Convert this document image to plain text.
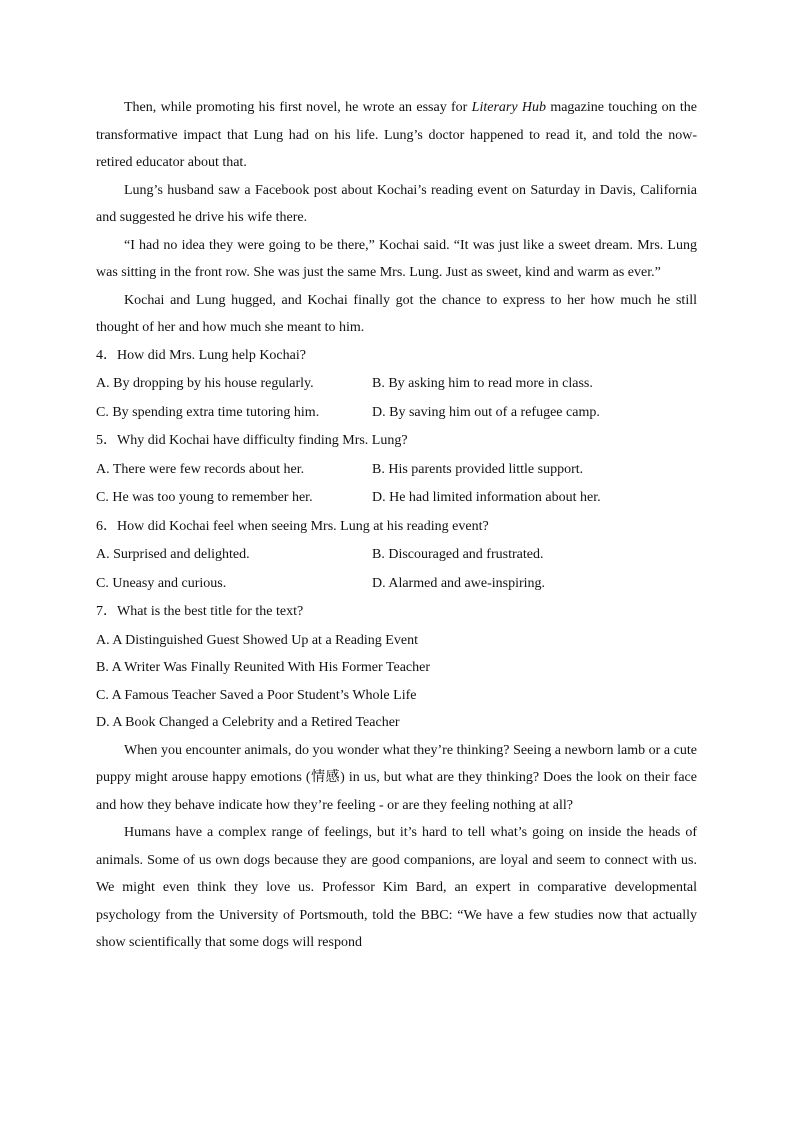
Then, while promoting his first novel, he wrote an essay for Literary Hub magazine touching on the transformative impact that Lung had on his life. Lung’s doctor happened to read it, and told the now-retired educator about that.

Lung’s husband saw a Facebook post about Kochai’s reading event on Saturday in Davis, California and suggested he drive his wife there.

“I had no idea they were going to be there,” Kochai said. “It was just like a sweet dream. Mrs. Lung was sitting in the front row. She was just the same Mrs. Lung. Just as sweet, kind and warm as ever.”

Kochai and Lung hugged, and Kochai finally got the chance to express to her how much he still thought of her and how much she meant to him.

4．How did Mrs. Lung help Kochai?

A. By dropping by his house regularly.	B. By asking him to read more in class.
C. By spending extra time tutoring him.	D. By saving him out of a refugee camp.

5．Why did Kochai have difficulty finding Mrs. Lung?

A. There were few records about her.	B. His parents provided little support.
C. He was too young to remember her.	D. He had limited information about her.

6．How did Kochai feel when seeing Mrs. Lung at his reading event?

A. Surprised and delighted.	B. Discouraged and frustrated.
C. Uneasy and curious.	D. Alarmed and awe-inspiring.

7．What is the best title for the text?

A. A Distinguished Guest Showed Up at a Reading Event

B. A Writer Was Finally Reunited With His Former Teacher

C. A Famous Teacher Saved a Poor Student’s Whole Life

D. A Book Changed a Celebrity and a Retired Teacher

When you encounter animals, do you wonder what they’re thinking? Seeing a newborn lamb or a cute puppy might arouse happy emotions (情感) in us, but what are they thinking? Does the look on their face and how they behave indicate how they’re feeling - or are they feeling nothing at all?

Humans have a complex range of feelings, but it’s hard to tell what’s going on inside the heads of animals. Some of us own dogs because they are good companions, are loyal and seem to connect with us. We might even think they love us. Professor Kim Bard, an expert in comparative developmental psychology from the University of Portsmouth, told the BBC: “We have a few studies now that actually show scientifically that some dogs will respond
